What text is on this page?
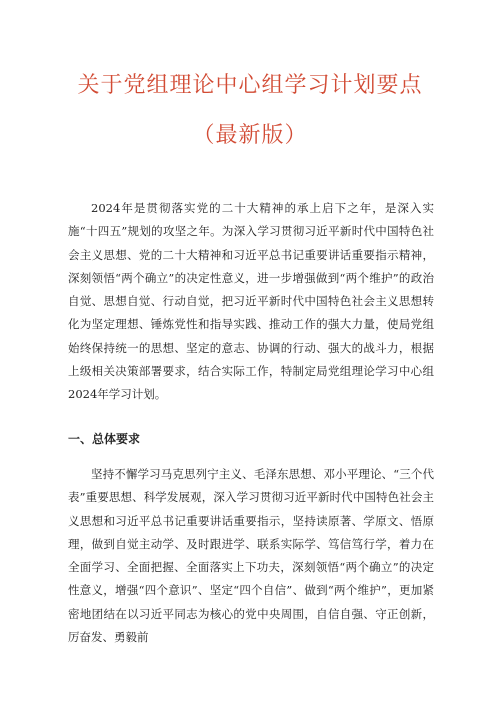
关于党组理论中心组学习计划要点
（最新版）

2024年是贯彻落实党的二十大精神的承上启下之年，是深入实施“十四五”规划的攻坚之年。为深入学习贯彻习近平新时代中国特色社会主义思想、党的二十大精神和习近平总书记重要讲话重要指示精神，深刻领悟“两个确立”的决定性意义，进一步增强做到“两个维护”的政治自觉、思想自觉、行动自觉，把习近平新时代中国特色社会主义思想转化为坚定理想、锤炼党性和指导实践、推动工作的强大力量，使局党组始终保持统一的思想、坚定的意志、协调的行动、强大的战斗力，根据上级相关决策部署要求，结合实际工作，特制定局党组理论学习中心组2024年学习计划。

一、总体要求

坚持不懈学习马克思列宁主义、毛泽东思想、邓小平理论、“三个代表”重要思想、科学发展观，深入学习贯彻习近平新时代中国特色社会主义思想和习近平总书记重要讲话重要指示，坚持读原著、学原文、悟原理，做到自觉主动学、及时跟进学、联系实际学、笃信笃行学，着力在全面学习、全面把握、全面落实上下功夫，深刻领悟“两个确立”的决定性意义，增强“四个意识”、坚定“四个自信”、做到“两个维护”，更加紧密地团结在以习近平同志为核心的党中央周围，自信自强、守正创新，厉奋发、勇毅前
